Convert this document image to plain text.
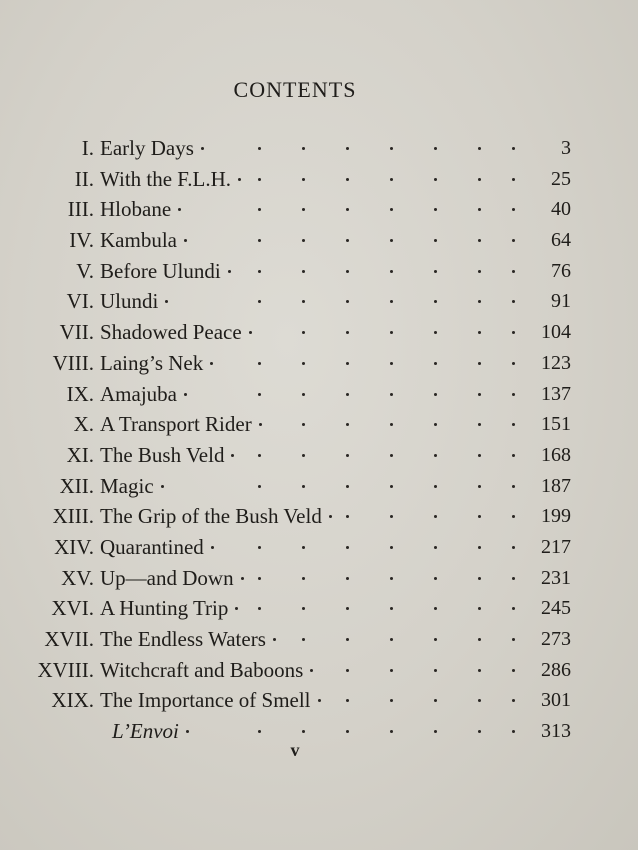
CONTENTS
I. Early Days	3
II. With the F.L.H.	25
III. Hlobane	40
IV. Kambula	64
V. Before Ulundi	76
VI. Ulundi	91
VII. Shadowed Peace	104
VIII. Laing’s Nek	123
IX. Amajuba	137
X. A Transport Rider	151
XI. The Bush Veld	168
XII. Magic	187
XIII. The Grip of the Bush Veld	199
XIV. Quarantined	217
XV. Up—and Down	231
XVI. A Hunting Trip	245
XVII. The Endless Waters	273
XVIII. Witchcraft and Baboons	286
XIX. The Importance of Smell	301
L’Envoi	313
v
